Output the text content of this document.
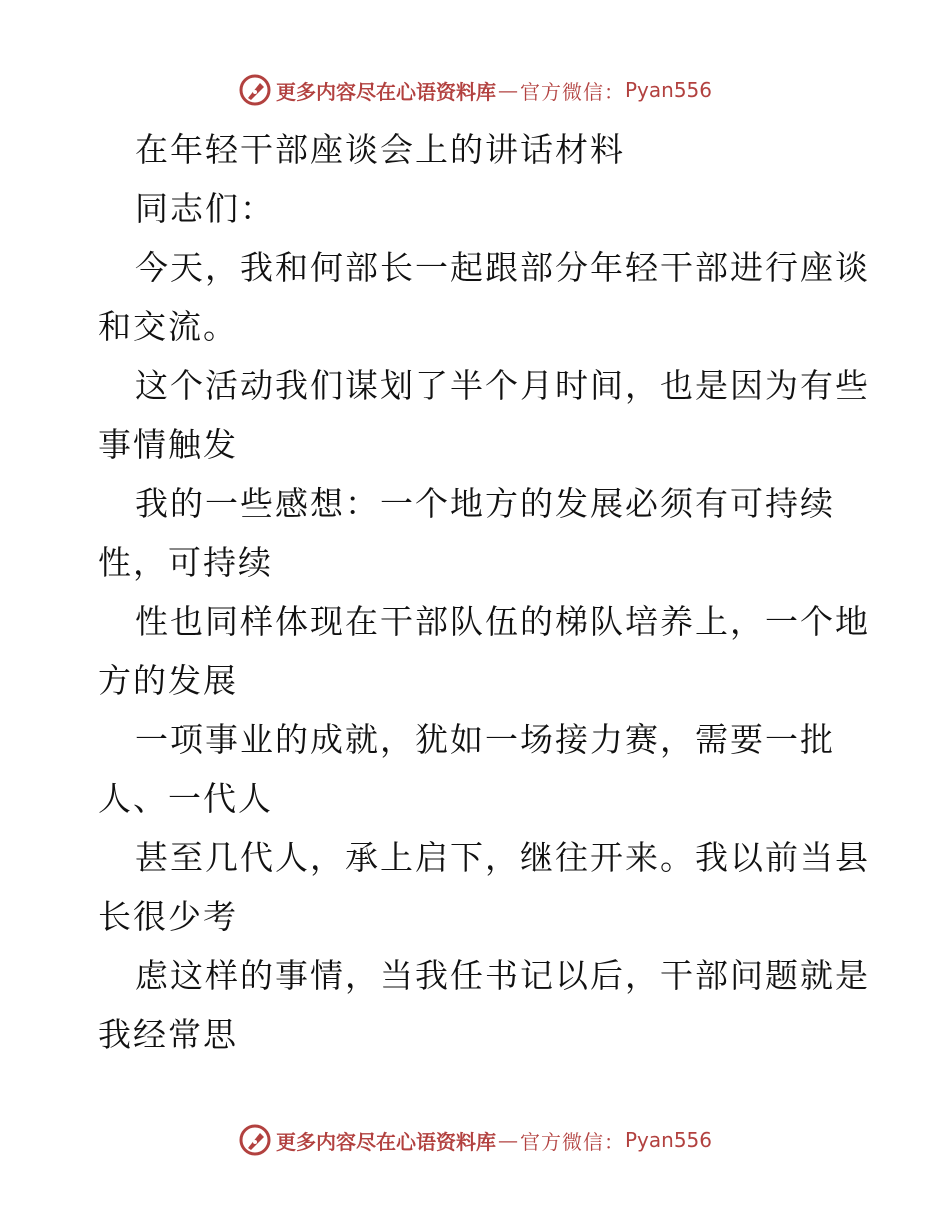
更多内容尽在心语资料库 — 官方微信： Pyan556
在年轻干部座谈会上的讲话材料
同志们：
今天，我和何部长一起跟部分年轻干部进行座谈
和交流。
这个活动我们谋划了半个月时间，也是因为有些
事情触发
我的一些感想：一个地方的发展必须有可持续
性，可持续
性也同样体现在干部队伍的梯队培养上，一个地
方的发展
一项事业的成就，犹如一场接力赛，需要一批
人、一代人
甚至几代人，承上启下，继往开来。我以前当县
长很少考
虑这样的事情，当我任书记以后，干部问题就是
我经常思
更多内容尽在心语资料库 — 官方微信： Pyan556
